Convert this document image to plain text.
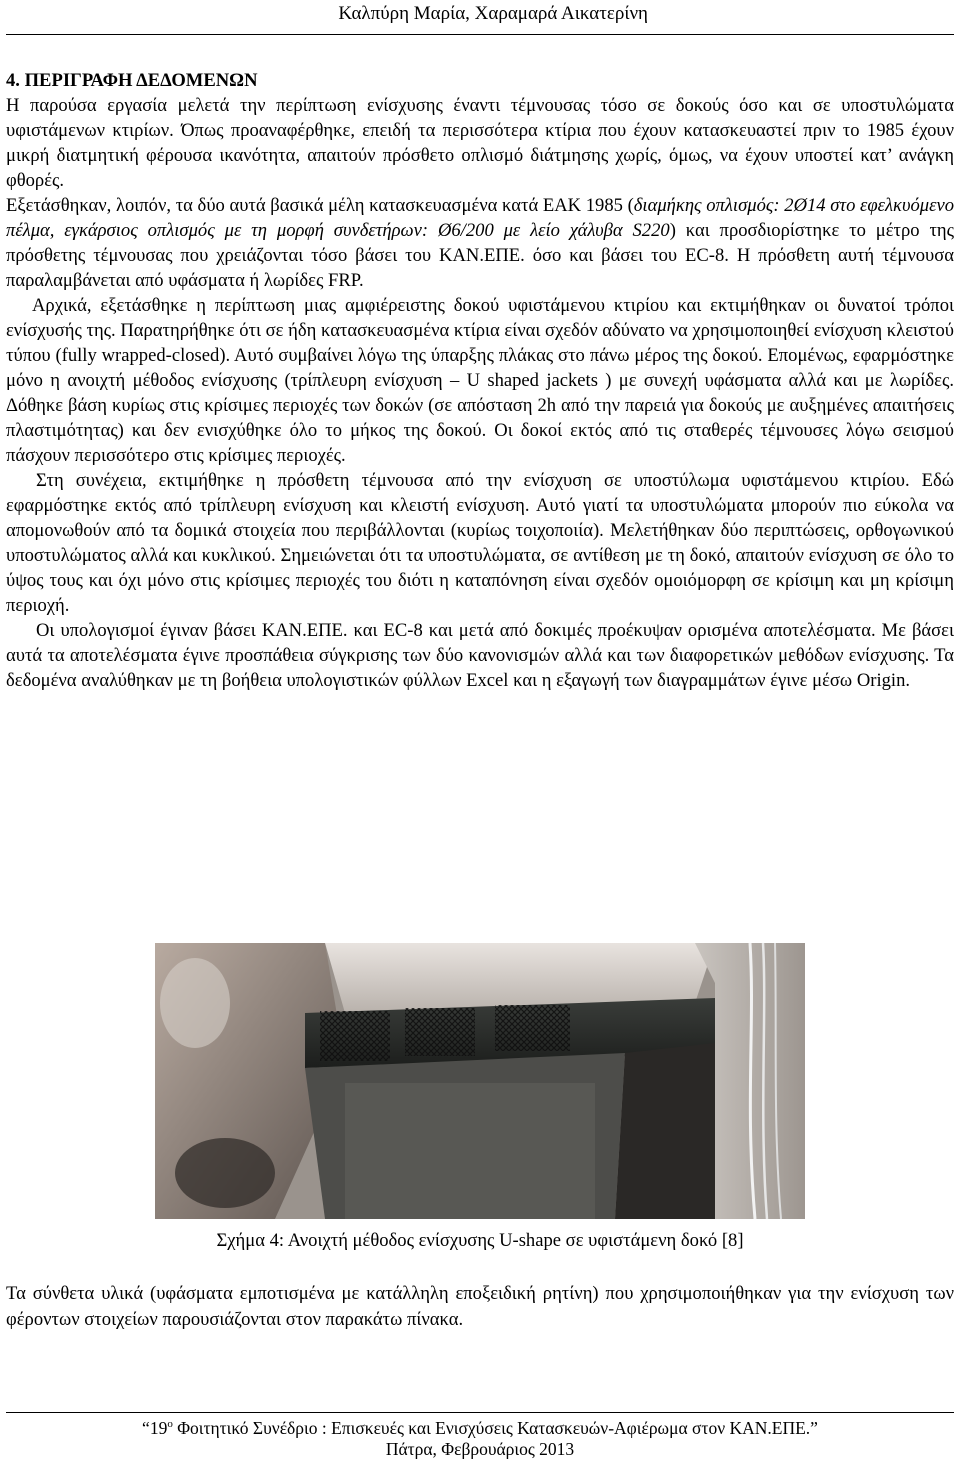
Καλπύρη Μαρία, Χαραμαρά Αικατερίνη

4. ΠΕΡΙΓΡΑΦΗ ΔΕΔΟΜΕΝΩΝ

Η παρούσα εργασία μελετά την περίπτωση ενίσχυσης έναντι τέμνουσας τόσο σε δοκούς όσο και σε υποστυλώματα υφιστάμενων κτιρίων. Όπως προαναφέρθηκε, επειδή τα περισσότερα κτίρια που έχουν κατασκευαστεί πριν το 1985 έχουν μικρή διατμητική φέρουσα ικανότητα, απαιτούν πρόσθετο οπλισμό διάτμησης χωρίς, όμως, να έχουν υποστεί κατ’ ανάγκη φθορές.

Εξετάσθηκαν, λοιπόν, τα δύο αυτά βασικά μέλη κατασκευασμένα κατά ΕΑΚ 1985 (διαμήκης οπλισμός: 2Ø14 στο εφελκυόμενο πέλμα, εγκάρσιος οπλισμός με τη μορφή συνδετήρων: Ø6/200 με λείο χάλυβα S220) και προσδιορίστηκε το μέτρο της πρόσθετης τέμνουσας που χρειάζονται τόσο βάσει του ΚΑΝ.ΕΠΕ. όσο και βάσει του EC-8. Η πρόσθετη αυτή τέμνουσα παραλαμβάνεται από υφάσματα ή λωρίδες FRP.

Αρχικά, εξετάσθηκε η περίπτωση μιας αμφιέρειστης δοκού υφιστάμενου κτιρίου και εκτιμήθηκαν οι δυνατοί τρόποι ενίσχυσής της. Παρατηρήθηκε ότι σε ήδη κατασκευασμένα κτίρια είναι σχεδόν αδύνατο να χρησιμοποιηθεί ενίσχυση κλειστού τύπου (fully wrapped-closed). Αυτό συμβαίνει λόγω της ύπαρξης πλάκας στο πάνω μέρος της δοκού. Επομένως, εφαρμόστηκε μόνο η ανοιχτή μέθοδος ενίσχυσης (τρίπλευρη ενίσχυση – U shaped jackets ) με συνεχή υφάσματα αλλά και με λωρίδες. Δόθηκε βάση κυρίως στις κρίσιμες περιοχές των δοκών (σε απόσταση 2h από την παρειά για δοκούς με αυξημένες απαιτήσεις πλαστιμότητας) και δεν ενισχύθηκε όλο το μήκος της δοκού. Οι δοκοί εκτός από τις σταθερές τέμνουσες λόγω σεισμού πάσχουν περισσότερο στις κρίσιμες περιοχές.

Στη συνέχεια, εκτιμήθηκε η πρόσθετη τέμνουσα από την ενίσχυση σε υποστύλωμα υφιστάμενου κτιρίου. Εδώ εφαρμόστηκε εκτός από τρίπλευρη ενίσχυση και κλειστή ενίσχυση. Αυτό γιατί τα υποστυλώματα μπορούν πιο εύκολα να απομονωθούν από τα δομικά στοιχεία που περιβάλλονται (κυρίως τοιχοποιία). Μελετήθηκαν δύο περιπτώσεις, ορθογωνικού υποστυλώματος αλλά και κυκλικού. Σημειώνεται ότι τα υποστυλώματα, σε αντίθεση με τη δοκό, απαιτούν ενίσχυση σε όλο το ύψος τους και όχι μόνο στις κρίσιμες περιοχές του διότι η καταπόνηση είναι σχεδόν ομοιόμορφη σε κρίσιμη και μη κρίσιμη περιοχή.

Οι υπολογισμοί έγιναν βάσει ΚΑΝ.ΕΠΕ. και EC-8 και μετά από δοκιμές προέκυψαν ορισμένα αποτελέσματα. Με βάσει αυτά τα αποτελέσματα έγινε προσπάθεια σύγκρισης των δύο κανονισμών αλλά και των διαφορετικών μεθόδων ενίσχυσης. Τα δεδομένα αναλύθηκαν με τη βοήθεια υπολογιστικών φύλλων Excel και η εξαγωγή των διαγραμμάτων έγινε μέσω Origin.

Σχήμα 4: Ανοιχτή μέθοδος ενίσχυσης U-shape σε υφιστάμενη δοκό [8]
Τα σύνθετα υλικά (υφάσματα εμποτισμένα με κατάλληλη εποξειδική ρητίνη) που χρησιμοποιήθηκαν για την ενίσχυση των φέροντων στοιχείων παρουσιάζονται στον παρακάτω πίνακα.
“$19^o$ Φοιτητικό Συνέδριο : Επισκευές και Ενισχύσεις Κατασκευών-Αφιέρωμα στον ΚΑΝ.ΕΠΕ.”
Πάτρα, Φεβρουάριος 2013
